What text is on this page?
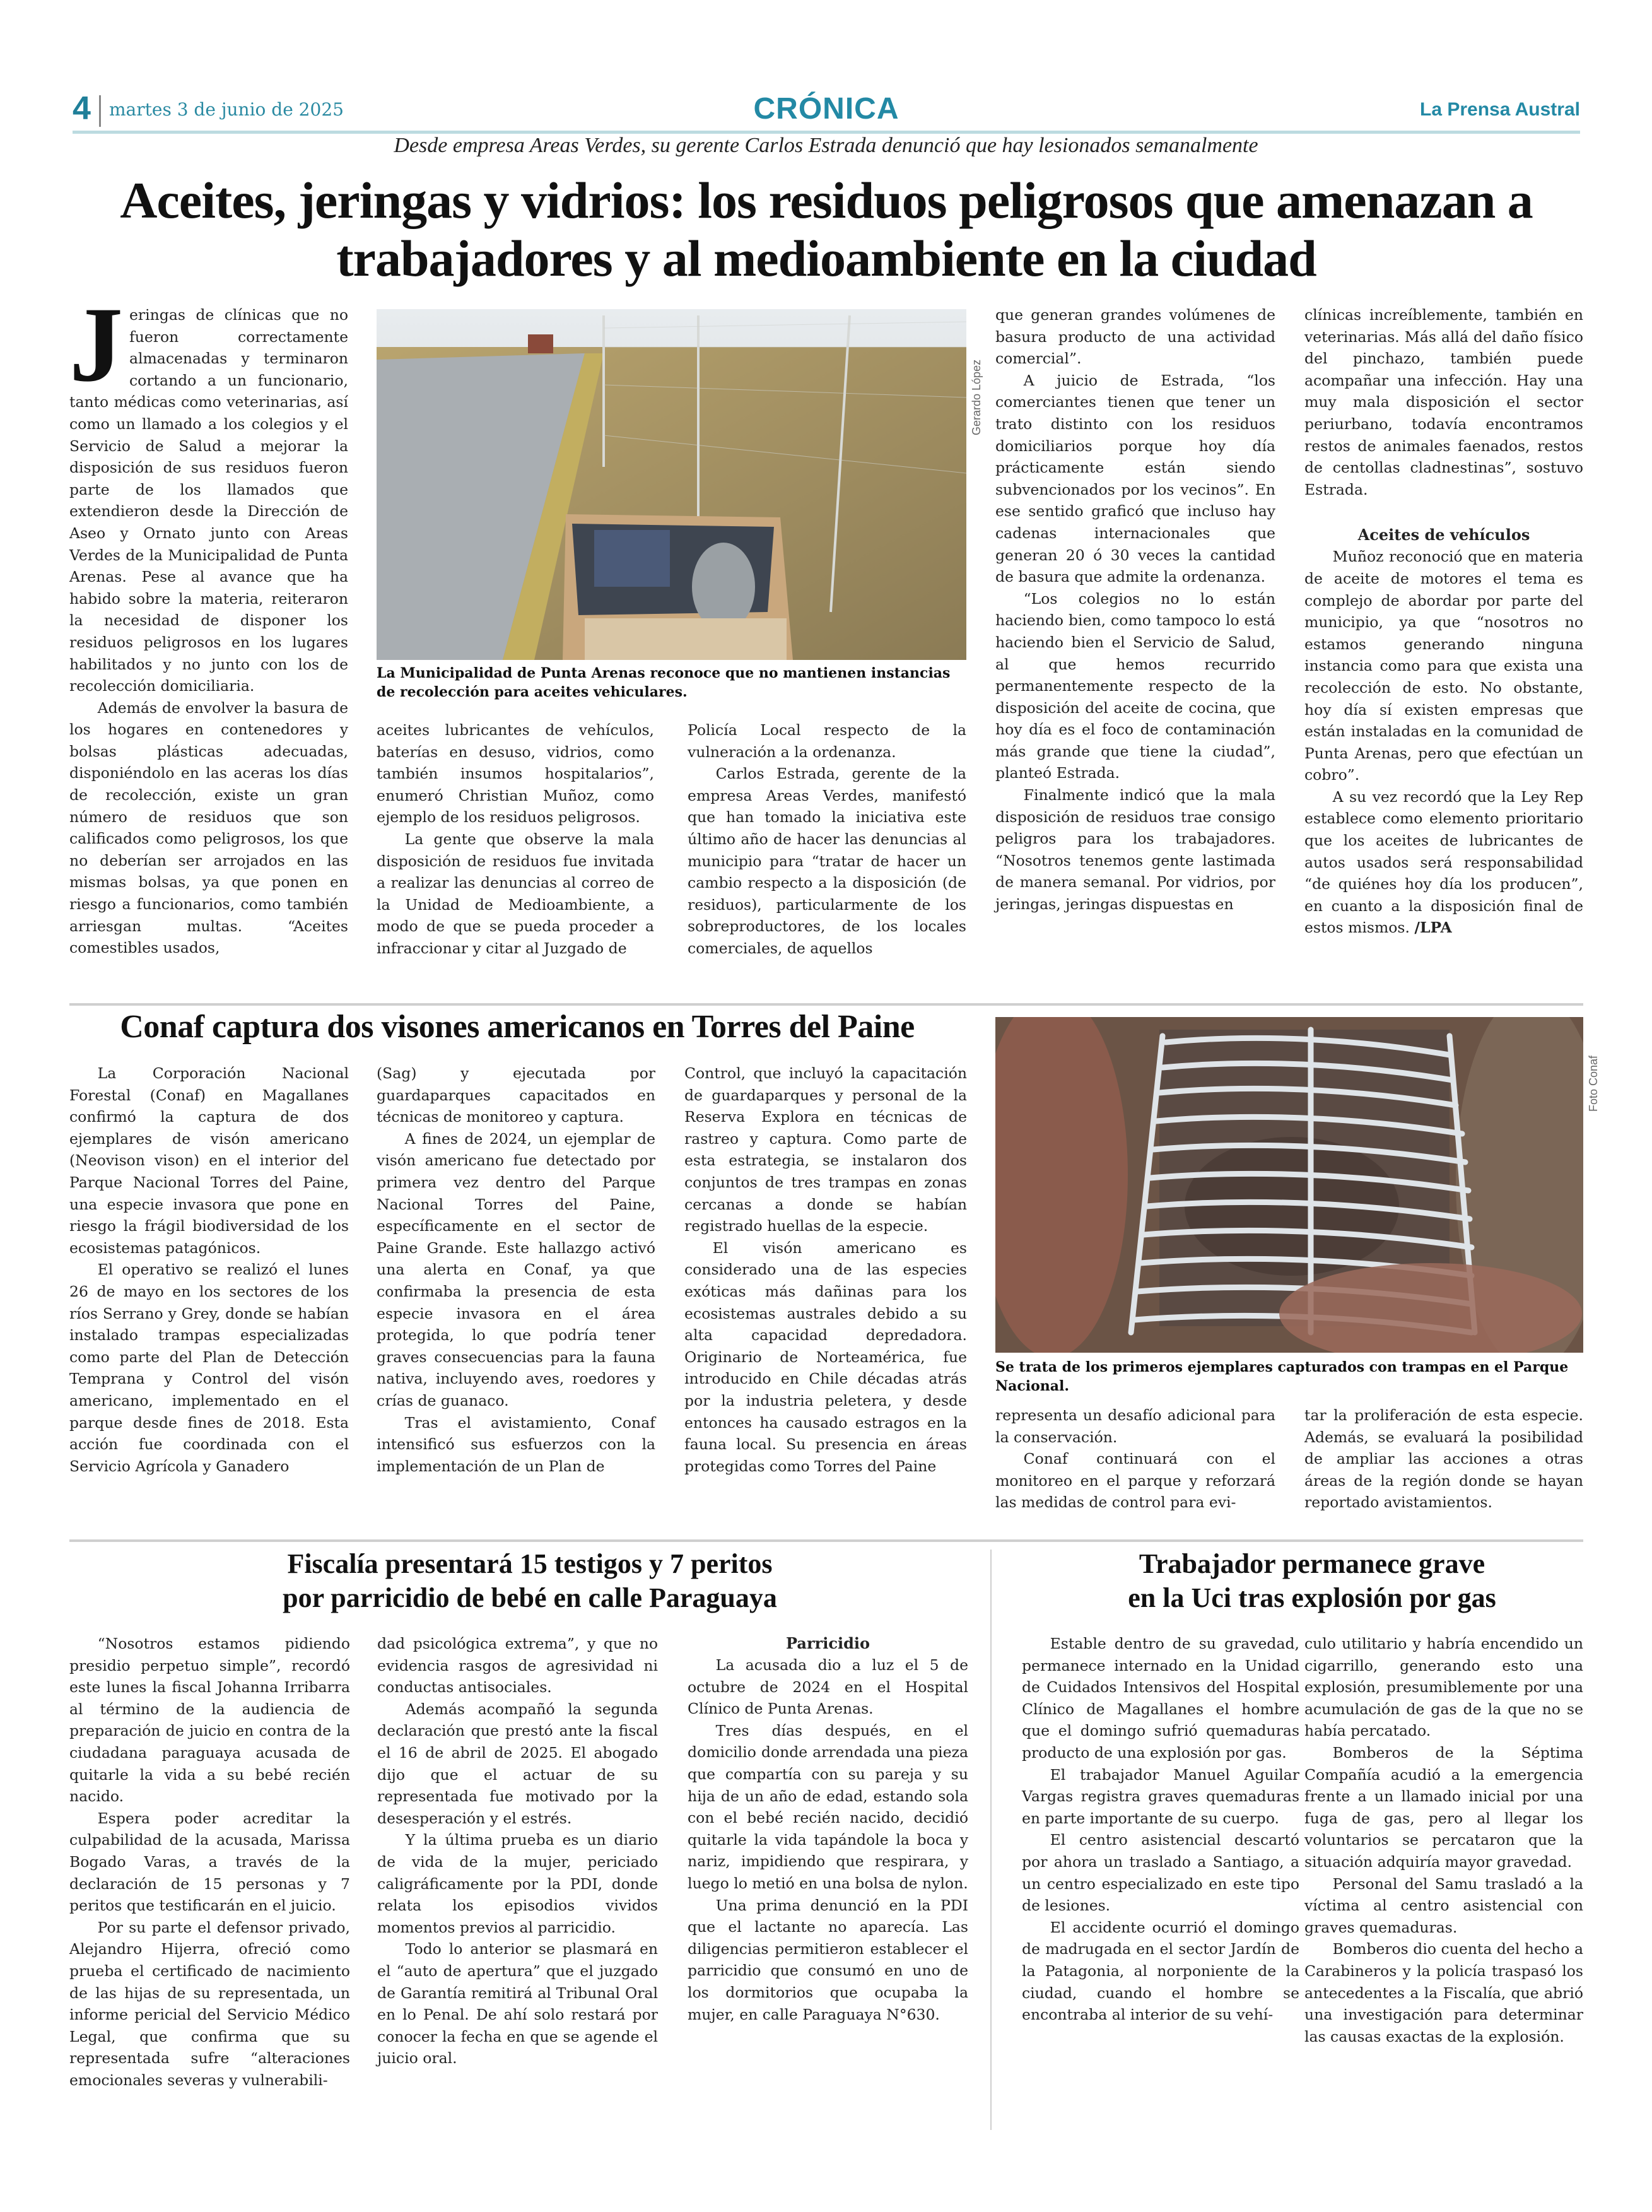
4 martes 3 de junio de 2025	CRÓNICA	La Prensa Austral
Desde empresa Areas Verdes, su gerente Carlos Estrada denunció que hay lesionados semanalmente
Aceites, jeringas y vidrios: los residuos peligrosos que amenazan a trabajadores y al medioambiente en la ciudad

Jeringas de clínicas que no fueron correctamente almacenadas y terminaron cortando a un funcionario, tanto médicas como veterinarias, así como un llamado a los colegios y el Servicio de Salud a mejorar la disposición de sus residuos fueron parte de los llamados que extendieron desde la Dirección de Aseo y Ornato junto con Areas Verdes de la Municipalidad de Punta Arenas. Pese al avance que ha habido sobre la materia, reiteraron la necesidad de disponer los residuos peligrosos en los lugares habilitados y no junto con los de recolección domiciliaria.

Además de envolver la basura de los hogares en contenedores y bolsas plásticas adecuadas, disponiéndolo en las aceras los días de recolección, existe un gran número de residuos que son calificados como peligrosos, los que no deberían ser arrojados en las mismas bolsas, ya que ponen en riesgo a funcionarios, como también arriesgan multas. “Aceites comestibles usados,

Gerardo López
La Municipalidad de Punta Arenas reconoce que no mantienen instancias de recolección para aceites vehiculares.

aceites lubricantes de vehículos, baterías en desuso, vidrios, como también insumos hospitalarios”, enumeró Christian Muñoz, como ejemplo de los residuos peligrosos.

La gente que observe la mala disposición de residuos fue invitada a realizar las denuncias al correo de la Unidad de Medioambiente, a modo de que se pueda proceder a infraccionar y citar al Juzgado de

Policía Local respecto de la vulneración a la ordenanza.

Carlos Estrada, gerente de la empresa Areas Verdes, manifestó que han tomado la iniciativa este último año de hacer las denuncias al municipio para “tratar de hacer un cambio respecto a la disposición (de residuos), particularmente de los sobreproductores, de los locales comerciales, de aquellos

que generan grandes volúmenes de basura producto de una actividad comercial”.

A juicio de Estrada, “los comerciantes tienen que tener un trato distinto con los residuos domiciliarios porque hoy día prácticamente están siendo subvencionados por los vecinos”. En ese sentido graficó que incluso hay cadenas internacionales que generan 20 ó 30 veces la cantidad de basura que admite la ordenanza.

“Los colegios no lo están haciendo bien, como tampoco lo está haciendo bien el Servicio de Salud, al que hemos recurrido permanentemente respecto de la disposición del aceite de cocina, que hoy día es el foco de contaminación más grande que tiene la ciudad”, planteó Estrada.

Finalmente indicó que la mala disposición de residuos trae consigo peligros para los trabajadores. “Nosotros tenemos gente lastimada de manera semanal. Por vidrios, por jeringas, jeringas dispuestas en

clínicas increíblemente, también en veterinarias. Más allá del daño físico del pinchazo, también puede acompañar una infección. Hay una muy mala disposición el sector periurbano, todavía encontramos restos de animales faenados, restos de centollas cladnestinas”, sostuvo Estrada.

Aceites de vehículos

Muñoz reconoció que en materia de aceite de motores el tema es complejo de abordar por parte del municipio, ya que “nosotros no estamos generando ninguna instancia como para que exista una recolección de esto. No obstante, hoy día sí existen empresas que están instaladas en la comunidad de Punta Arenas, pero que efectúan un cobro”.

A su vez recordó que la Ley Rep establece como elemento prioritario que los aceites de lubricantes de autos usados será responsabilidad “de quiénes hoy día los producen”, en cuanto a la disposición final de estos mismos. /LPA

Conaf captura dos visones americanos en Torres del Paine

La Corporación Nacional Forestal (Conaf) en Magallanes confirmó la captura de dos ejemplares de visón americano (Neovison vison) en el interior del Parque Nacional Torres del Paine, una especie invasora que pone en riesgo la frágil biodiversidad de los ecosistemas patagónicos.

El operativo se realizó el lunes 26 de mayo en los sectores de los ríos Serrano y Grey, donde se habían instalado trampas especializadas como parte del Plan de Detección Temprana y Control del visón americano, implementado en el parque desde fines de 2018. Esta acción fue coordinada con el Servicio Agrícola y Ganadero

(Sag) y ejecutada por guardaparques capacitados en técnicas de monitoreo y captura.

A fines de 2024, un ejemplar de visón americano fue detectado por primera vez dentro del Parque Nacional Torres del Paine, específicamente en el sector de Paine Grande. Este hallazgo activó una alerta en Conaf, ya que confirmaba la presencia de esta especie invasora en el área protegida, lo que podría tener graves consecuencias para la fauna nativa, incluyendo aves, roedores y crías de guanaco.

Tras el avistamiento, Conaf intensificó sus esfuerzos con la implementación de un Plan de

Control, que incluyó la capacitación de guardaparques y personal de la Reserva Explora en técnicas de rastreo y captura. Como parte de esta estrategia, se instalaron dos conjuntos de tres trampas en zonas cercanas a donde se habían registrado huellas de la especie.

El visón americano es considerado una de las especies exóticas más dañinas para los ecosistemas australes debido a su alta capacidad depredadora. Originario de Norteamérica, fue introducido en Chile décadas atrás por la industria peletera, y desde entonces ha causado estragos en la fauna local. Su presencia en áreas protegidas como Torres del Paine

Foto Conaf
Se trata de los primeros ejemplares capturados con trampas en el Parque Nacional.

representa un desafío adicional para la conservación.

Conaf continuará con el monitoreo en el parque y reforzará las medidas de control para evi-

tar la proliferación de esta especie. Además, se evaluará la posibilidad de ampliar las acciones a otras áreas de la región donde se hayan reportado avistamientos.

Fiscalía presentará 15 testigos y 7 peritos
por parricidio de bebé en calle Paraguaya

“Nosotros estamos pidiendo presidio perpetuo simple”, recordó este lunes la fiscal Johanna Irribarra al término de la audiencia de preparación de juicio en contra de la ciudadana paraguaya acusada de quitarle la vida a su bebé recién nacido.

Espera poder acreditar la culpabilidad de la acusada, Marissa Bogado Varas, a través de la declaración de 15 personas y 7 peritos que testificarán en el juicio.

Por su parte el defensor privado, Alejandro Hijerra, ofreció como prueba el certificado de nacimiento de las hijas de su representada, un informe pericial del Servicio Médico Legal, que confirma que su representada sufre “alteraciones emocionales severas y vulnerabili-

dad psicológica extrema”, y que no evidencia rasgos de agresividad ni conductas antisociales.

Además acompañó la segunda declaración que prestó ante la fiscal el 16 de abril de 2025. El abogado dijo que el actuar de su representada fue motivado por la desesperación y el estrés.

Y la última prueba es un diario de vida de la mujer, periciado caligráficamente por la PDI, donde relata los episodios vividos momentos previos al parricidio.

Todo lo anterior se plasmará en el “auto de apertura” que el juzgado de Garantía remitirá al Tribunal Oral en lo Penal. De ahí solo restará por conocer la fecha en que se agende el juicio oral.

Parricidio

La acusada dio a luz el 5 de octubre de 2024 en el Hospital Clínico de Punta Arenas.

Tres días después, en el domicilio donde arrendada una pieza que compartía con su pareja y su hija de un año de edad, estando sola con el bebé recién nacido, decidió quitarle la vida tapándole la boca y nariz, impidiendo que respirara, y luego lo metió en una bolsa de nylon.

Una prima denunció en la PDI que el lactante no aparecía. Las diligencias permitieron establecer el parricidio que consumó en uno de los dormitorios que ocupaba la mujer, en calle Paraguaya N°630.

Trabajador permanece grave
en la Uci tras explosión por gas

Estable dentro de su gravedad, permanece internado en la Unidad de Cuidados Intensivos del Hospital Clínico de Magallanes el hombre que el domingo sufrió quemaduras producto de una explosión por gas.

El trabajador Manuel Aguilar Vargas registra graves quemaduras en parte importante de su cuerpo.

El centro asistencial descartó por ahora un traslado a Santiago, a un centro especializado en este tipo de lesiones.

El accidente ocurrió el domingo de madrugada en el sector Jardín de la Patagonia, al norponiente de la ciudad, cuando el hombre se encontraba al interior de su vehí-

culo utilitario y habría encendido un cigarrillo, generando esto una explosión, presumiblemente por una acumulación de gas de la que no se había percatado.

Bomberos de la Séptima Compañía acudió a la emergencia frente a un llamado inicial por una fuga de gas, pero al llegar los voluntarios se percataron que la situación adquiría mayor gravedad.

Personal del Samu trasladó a la víctima al centro asistencial con graves quemaduras.

Bomberos dio cuenta del hecho a Carabineros y la policía traspasó los antecedentes a la Fiscalía, que abrió una investigación para determinar las causas exactas de la explosión.
